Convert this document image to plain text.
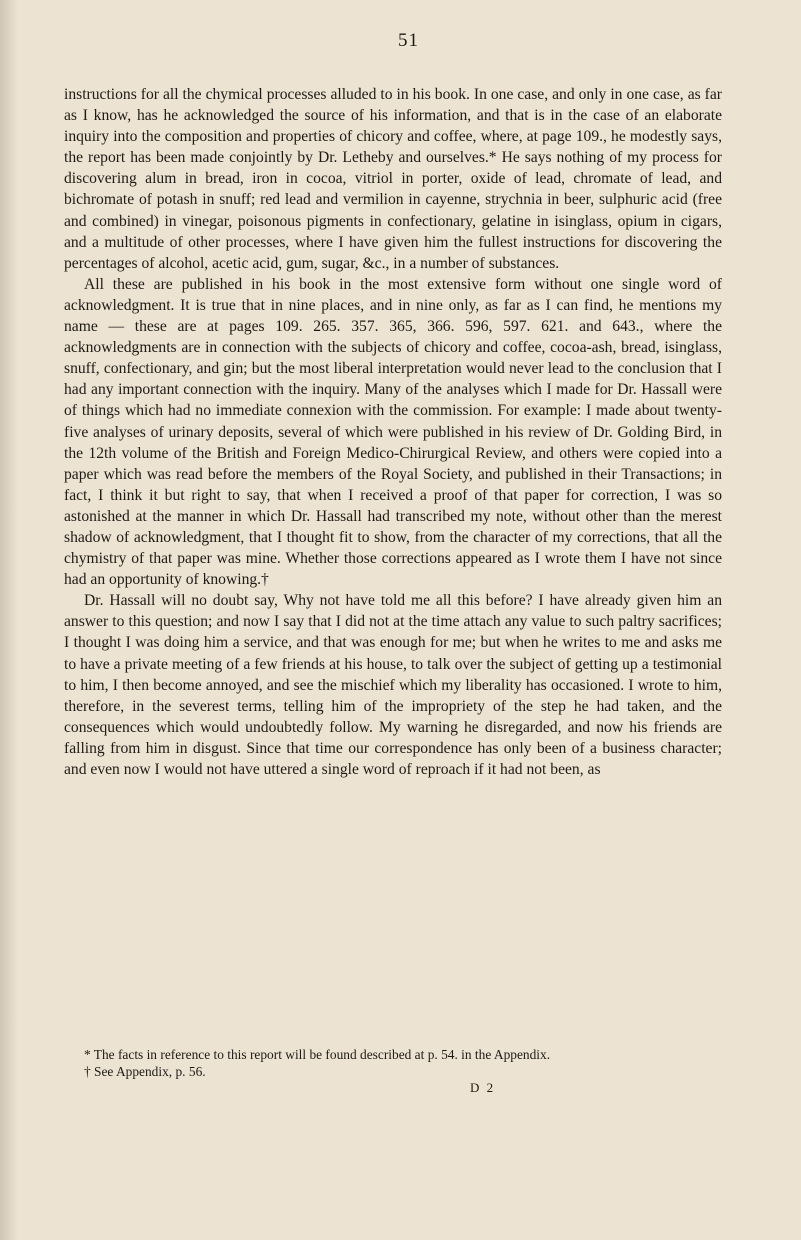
51

instructions for all the chymical processes alluded to in his book. In one case, and only in one case, as far as I know, has he acknowledged the source of his information, and that is in the case of an elaborate inquiry into the composition and properties of chicory and coffee, where, at page 109., he modestly says, the report has been made conjointly by Dr. Letheby and ourselves.* He says nothing of my process for discovering alum in bread, iron in cocoa, vitriol in porter, oxide of lead, chromate of lead, and bichromate of potash in snuff; red lead and vermilion in cayenne, strychnia in beer, sulphuric acid (free and combined) in vinegar, poisonous pigments in confectionary, gelatine in isinglass, opium in cigars, and a multitude of other processes, where I have given him the fullest instructions for discovering the percentages of alcohol, acetic acid, gum, sugar, &c., in a number of substances.

All these are published in his book in the most extensive form without one single word of acknowledgment. It is true that in nine places, and in nine only, as far as I can find, he mentions my name — these are at pages 109. 265. 357. 365, 366. 596, 597. 621. and 643., where the acknowledgments are in connection with the subjects of chicory and coffee, cocoa-ash, bread, isinglass, snuff, confectionary, and gin; but the most liberal interpretation would never lead to the conclusion that I had any important connection with the inquiry. Many of the analyses which I made for Dr. Hassall were of things which had no immediate connexion with the commission. For example: I made about twenty-five analyses of urinary deposits, several of which were published in his review of Dr. Golding Bird, in the 12th volume of the British and Foreign Medico-Chirurgical Review, and others were copied into a paper which was read before the members of the Royal Society, and published in their Transactions; in fact, I think it but right to say, that when I received a proof of that paper for correction, I was so astonished at the manner in which Dr. Hassall had transcribed my note, without other than the merest shadow of acknowledgment, that I thought fit to show, from the character of my corrections, that all the chymistry of that paper was mine. Whether those corrections appeared as I wrote them I have not since had an opportunity of knowing.†

Dr. Hassall will no doubt say, Why not have told me all this before? I have already given him an answer to this question; and now I say that I did not at the time attach any value to such paltry sacrifices; I thought I was doing him a service, and that was enough for me; but when he writes to me and asks me to have a private meeting of a few friends at his house, to talk over the subject of getting up a testimonial to him, I then become annoyed, and see the mischief which my liberality has occasioned. I wrote to him, therefore, in the severest terms, telling him of the impropriety of the step he had taken, and the consequences which would undoubtedly follow. My warning he disregarded, and now his friends are falling from him in disgust. Since that time our correspondence has only been of a business character; and even now I would not have uttered a single word of reproach if it had not been, as

* The facts in reference to this report will be found described at p. 54. in the Appendix.

† See Appendix, p. 56.

D 2
